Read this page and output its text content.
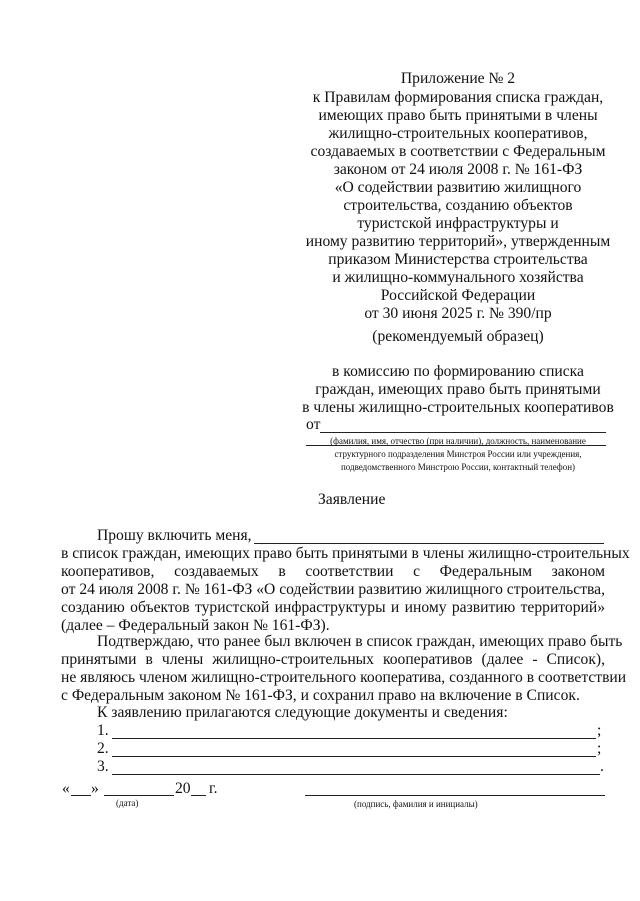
Приложение № 2
к Правилам формирования списка граждан,
имеющих право быть принятыми в члены
жилищно-строительных кооперативов,
создаваемых в соответствии с Федеральным
законом от 24 июля 2008 г. № 161-ФЗ
«О содействии развитию жилищного
строительства, созданию объектов
туристской инфраструктуры и
иному развитию территорий», утвержденным
приказом Министерства строительства
и жилищно-коммунального хозяйства
Российской Федерации
от 30 июня 2025 г. № 390/пр
(рекомендуемый образец)
в комиссию по формированию списка
граждан, имеющих право быть принятыми
в члены жилищно-строительных кооперативов
от
(фамилия, имя, отчество (при наличии), должность, наименование
структурного подразделения Минстроя России или учреждения,
подведомственного Минстрою России, контактный телефон)
Заявление
Прошу включить меня,
в список граждан, имеющих право быть принятыми в члены жилищно-строительных
кооперативов, создаваемых в соответствии с Федеральным законом
от 24 июля 2008 г. № 161-ФЗ «О содействии развитию жилищного строительства,
созданию объектов туристской инфраструктуры и иному развитию территорий»
(далее – Федеральный закон № 161-ФЗ).
Подтверждаю, что ранее был включен в список граждан, имеющих право быть
принятыми в члены жилищно-строительных кооперативов (далее - Список),
не являюсь членом жилищно-строительного кооператива, созданного в соответствии
с Федеральным законом № 161-ФЗ, и сохранил право на включение в Список.
К заявлению прилагаются следующие документы и сведения:
1.	;
2.	;
3.	.
« »	20 г.
(дата)	(подпись, фамилия и инициалы)
